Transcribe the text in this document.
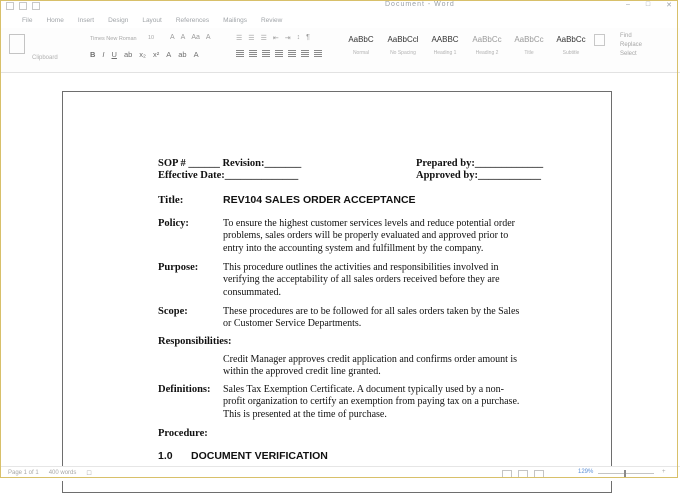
Document - Word	– □ ✕
File Home Insert Design Layout References Mailings Review
Clipboard
Times New Roman	10	A A Aa A
B I U ab x₂ x² A ab A
☰ ☰ ☰ ⇤ ⇥ ↕ ¶	AaBbC
Normal
AaBbCcl
No Spacing
AABBC
Heading 1
AaBbCc
Heading 2
AaBbCc
Title
AaBbCc
Subtitle
Find
Replace
Select
SOP # ______ Revision:_______
Effective Date:______________
Prepared by:_____________
Approved by:____________
Title:	REV104 SALES ORDER ACCEPTANCE
Policy:	To ensure the highest customer services levels and reduce potential order
problems, sales orders will be properly evaluated and approved prior to
entry into the accounting system and fulfillment by the company.
Purpose: This procedure outlines the activities and responsibilities involved in
verifying the acceptability of all sales orders received before they are
consummated.
Scope:	These procedures are to be followed for all sales orders taken by the Sales
or Customer Service Departments.
Responsibilities:
Credit Manager approves credit application and confirms order amount is
within the approved credit line granted.
Definitions: Sales Tax Exemption Certificate. A document typically used by a non-
profit organization to certify an exemption from paying tax on a purchase.
This is presented at the time of purchase.
Procedure:
1.0 DOCUMENT VERIFICATION
Page 1 of 1 400 words ☐	129%	+
